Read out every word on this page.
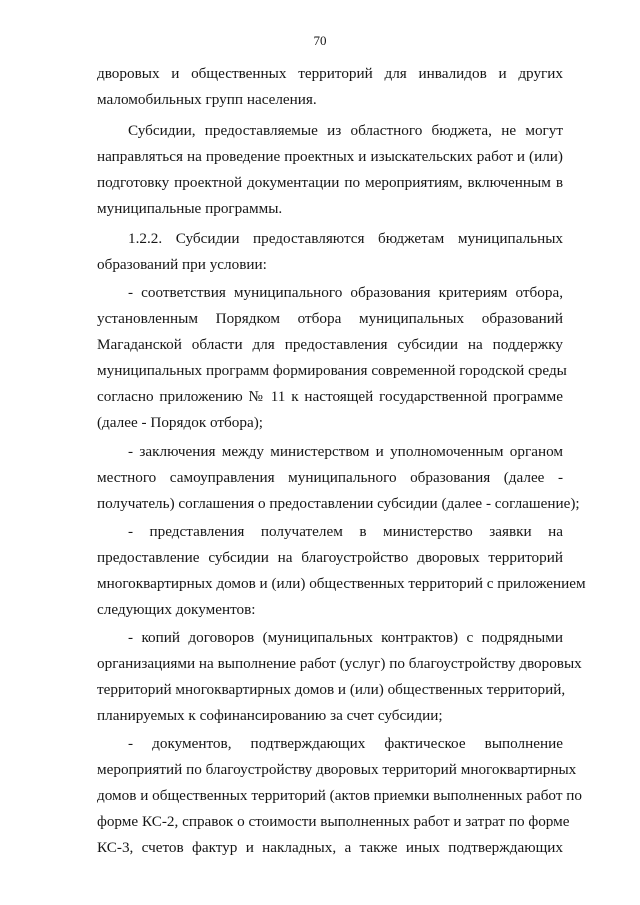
70
дворовых и общественных территорий для инвалидов и других
маломобильных групп населения.
Субсидии, предоставляемые из областного бюджета, не могут
направляться на проведение проектных и изыскательских работ и (или)
подготовку проектной документации по мероприятиям, включенным в
муниципальные программы.
1.2.2. Субсидии предоставляются бюджетам муниципальных
образований при условии:
- соответствия муниципального образования критериям отбора,
установленным Порядком отбора муниципальных образований
Магаданской области для предоставления субсидии на поддержку
муниципальных программ формирования современной городской среды
согласно приложению № 11 к настоящей государственной программе
(далее - Порядок отбора);
- заключения между министерством и уполномоченным органом
местного самоуправления муниципального образования (далее -
получатель) соглашения о предоставлении субсидии (далее - соглашение);
- представления получателем в министерство заявки на
предоставление субсидии на благоустройство дворовых территорий
многоквартирных домов и (или) общественных территорий с приложением
следующих документов:
- копий договоров (муниципальных контрактов) с подрядными
организациями на выполнение работ (услуг) по благоустройству дворовых
территорий многоквартирных домов и (или) общественных территорий,
планируемых к софинансированию за счет субсидии;
- документов, подтверждающих фактическое выполнение
мероприятий по благоустройству дворовых территорий многоквартирных
домов и общественных территорий (актов приемки выполненных работ по
форме КС-2, справок о стоимости выполненных работ и затрат по форме
КС-3, счетов фактур и накладных, а также иных подтверждающих
